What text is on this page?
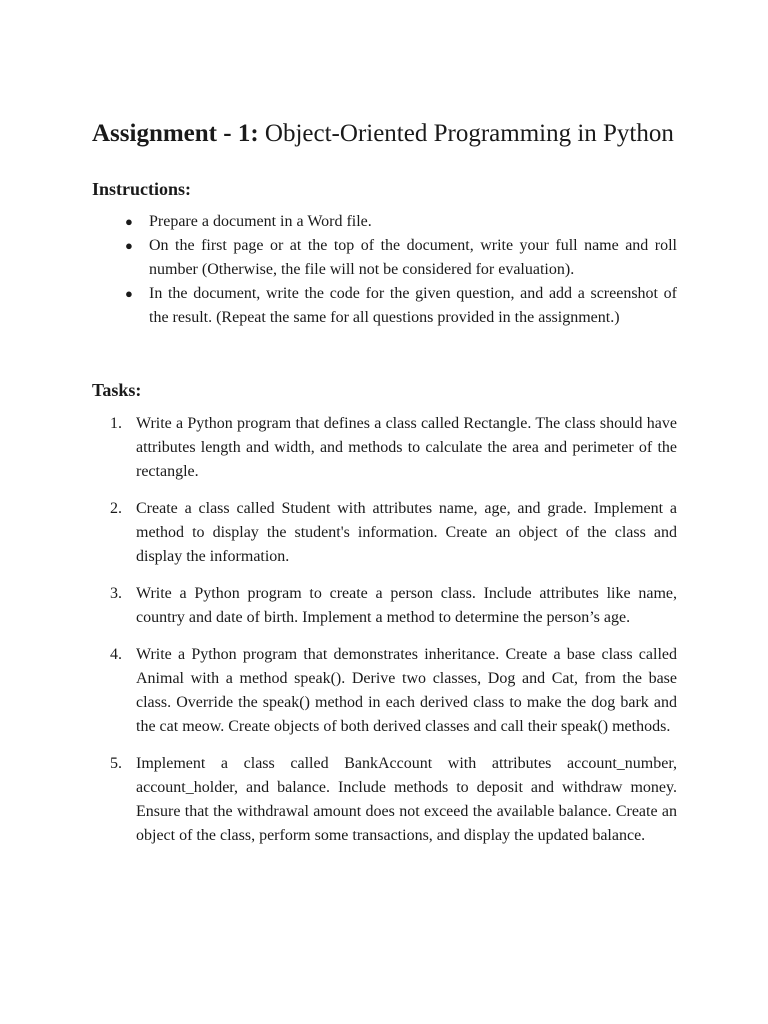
Assignment - 1: Object-Oriented Programming in Python
Instructions:
● Prepare a document in a Word file.
● On the first page or at the top of the document, write your full name and roll number (Otherwise, the file will not be considered for evaluation).
● In the document, write the code for the given question, and add a screenshot of the result. (Repeat the same for all questions provided in the assignment.)
Tasks:
1. Write a Python program that defines a class called Rectangle. The class should have attributes length and width, and methods to calculate the area and perimeter of the rectangle.
2. Create a class called Student with attributes name, age, and grade. Implement a method to display the student's information. Create an object of the class and display the information.
3. Write a Python program to create a person class. Include attributes like name, country and date of birth. Implement a method to determine the person’s age.
4. Write a Python program that demonstrates inheritance. Create a base class called Animal with a method speak(). Derive two classes, Dog and Cat, from the base class. Override the speak() method in each derived class to make the dog bark and the cat meow. Create objects of both derived classes and call their speak() methods.
5. Implement a class called BankAccount with attributes account_number, account_holder, and balance. Include methods to deposit and withdraw money. Ensure that the withdrawal amount does not exceed the available balance. Create an object of the class, perform some transactions, and display the updated balance.
